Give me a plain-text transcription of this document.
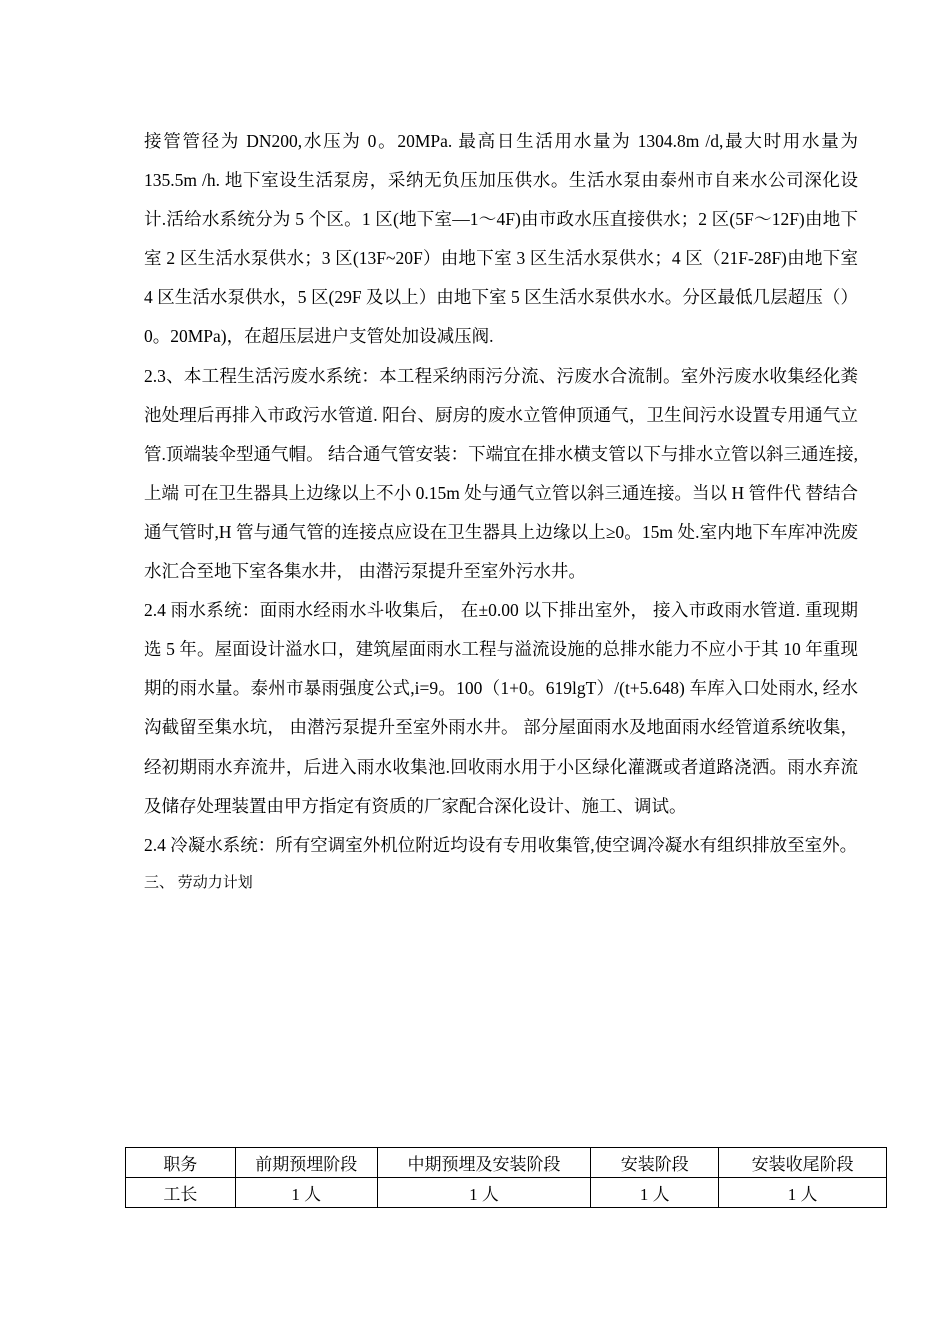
接管管径为 DN200,水压为 0。20MPa. 最高日生活用水量为 1304.8m /d,最大时用水量为 135.5m /h. 地下室设生活泵房，采纳无负压加压供水。生活水泵由泰州市自来水公司深化设计.活给水系统分为 5 个区。1 区(地下室—1～4F)由市政水压直接供水；2 区(5F～12F)由地下室 2 区生活水泵供水；3 区(13F~20F）由地下室 3 区生活水泵供水；4 区（21F-28F)由地下室 4 区生活水泵供水，5 区(29F 及以上）由地下室 5 区生活水泵供水水。分区最低几层超压（）0。20MPa)，在超压层进户支管处加设减压阀.

2.3、本工程生活污废水系统：本工程采纳雨污分流、污废水合流制。室外污废水收集经化粪池处理后再排入市政污水管道. 阳台、厨房的废水立管伸顶通气，卫生间污水设置专用通气立管.顶端装伞型通气帽。 结合通气管安装：下端宜在排水横支管以下与排水立管以斜三通连接,上端 可在卫生器具上边缘以上不小 0.15m 处与通气立管以斜三通连接。当以 H 管件代 替结合通气管时,H 管与通气管的连接点应设在卫生器具上边缘以上≥0。15m 处.室内地下车库冲洗废水汇合至地下室各集水井， 由潜污泵提升至室外污水井。

2.4 雨水系统：面雨水经雨水斗收集后， 在±0.00 以下排出室外， 接入市政雨水管道. 重现期选 5 年。屋面设计溢水口，建筑屋面雨水工程与溢流设施的总排水能力不应小于其 10 年重现期的雨水量。泰州市暴雨强度公式,i=9。100（1+0。619lgT）/(t+5.648) 车库入口处雨水, 经水沟截留至集水坑， 由潜污泵提升至室外雨水井。 部分屋面雨水及地面雨水经管道系统收集，经初期雨水弃流井，后进入雨水收集池.回收雨水用于小区绿化灌溉或者道路浇洒。雨水弃流及储存处理装置由甲方指定有资质的厂家配合深化设计、施工、调试。

2.4 冷凝水系统：所有空调室外机位附近均设有专用收集管,使空调冷凝水有组织排放至室外。

三、 劳动力计划

职务	前期预埋阶段	中期预埋及安装阶段	安装阶段	安装收尾阶段
工长	1 人	1 人	1 人	1 人
